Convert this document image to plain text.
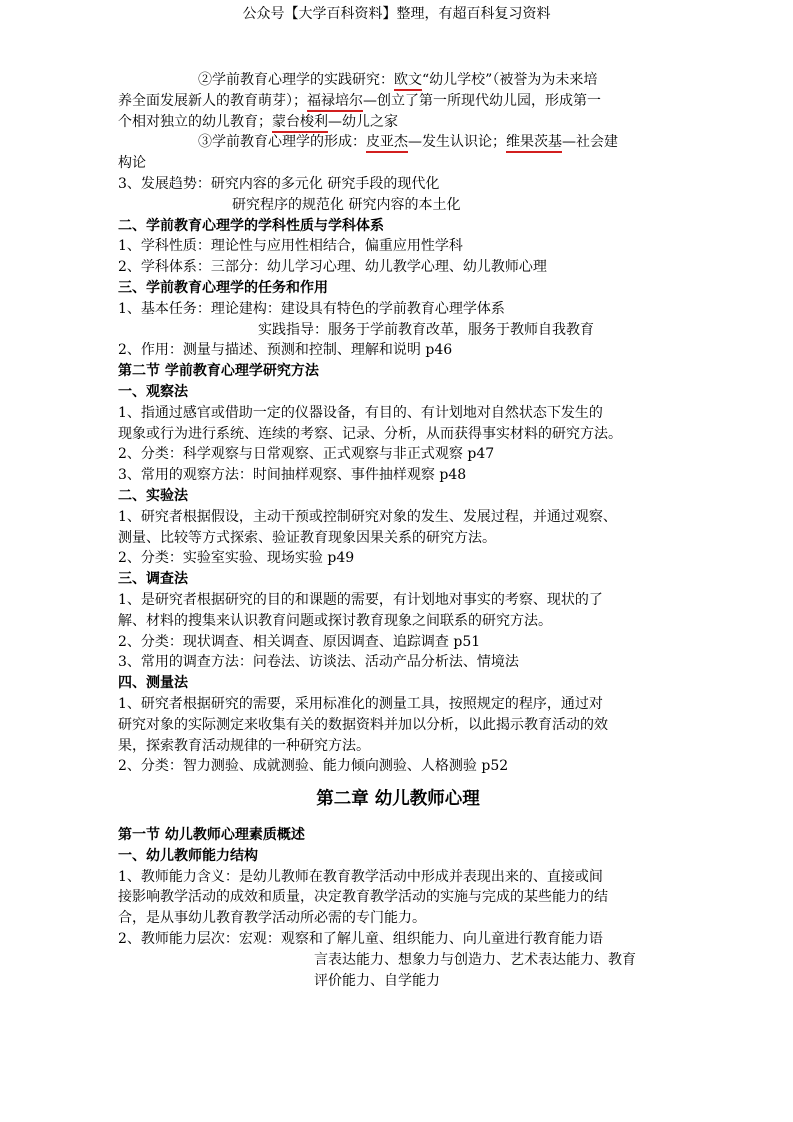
公众号【大学百科资料】整理，有超百科复习资料
②学前教育心理学的实践研究：欧文“幼儿学校”（被誉为为未来培
养全面发展新人的教育萌芽）；福禄培尔—创立了第一所现代幼儿园，形成第一
个相对独立的幼儿教育；蒙台梭利—幼儿之家
③学前教育心理学的形成：皮亚杰—发生认识论；维果茨基—社会建
构论
3、发展趋势：研究内容的多元化 研究手段的现代化
研究程序的规范化 研究内容的本土化
二、学前教育心理学的学科性质与学科体系
1、学科性质：理论性与应用性相结合，偏重应用性学科
2、学科体系：三部分：幼儿学习心理、幼儿教学心理、幼儿教师心理
三、学前教育心理学的任务和作用
1、基本任务：理论建构：建设具有特色的学前教育心理学体系
实践指导：服务于学前教育改革，服务于教师自我教育
2、作用：测量与描述、预测和控制、理解和说明 p46
第二节 学前教育心理学研究方法
一、观察法
1、指通过感官或借助一定的仪器设备，有目的、有计划地对自然状态下发生的
现象或行为进行系统、连续的考察、记录、分析，从而获得事实材料的研究方法。
2、分类：科学观察与日常观察、正式观察与非正式观察 p47
3、常用的观察方法：时间抽样观察、事件抽样观察 p48
二、实验法
1、研究者根据假设，主动干预或控制研究对象的发生、发展过程，并通过观察、
测量、比较等方式探索、验证教育现象因果关系的研究方法。
2、分类：实验室实验、现场实验 p49
三、调查法
1、是研究者根据研究的目的和课题的需要，有计划地对事实的考察、现状的了
解、材料的搜集来认识教育问题或探讨教育现象之间联系的研究方法。
2、分类：现状调查、相关调查、原因调查、追踪调查 p51
3、常用的调查方法：问卷法、访谈法、活动产品分析法、情境法
四、测量法
1、研究者根据研究的需要，采用标准化的测量工具，按照规定的程序，通过对
研究对象的实际测定来收集有关的数据资料并加以分析，以此揭示教育活动的效
果，探索教育活动规律的一种研究方法。
2、分类：智力测验、成就测验、能力倾向测验、人格测验 p52
第二章 幼儿教师心理
第一节 幼儿教师心理素质概述
一、幼儿教师能力结构
1、教师能力含义：是幼儿教师在教育教学活动中形成并表现出来的、直接或间
接影响教学活动的成效和质量，决定教育教学活动的实施与完成的某些能力的结
合，是从事幼儿教育教学活动所必需的专门能力。
2、教师能力层次：宏观：观察和了解儿童、组织能力、向儿童进行教育能力语
言表达能力、想象力与创造力、艺术表达能力、教育
评价能力、自学能力
